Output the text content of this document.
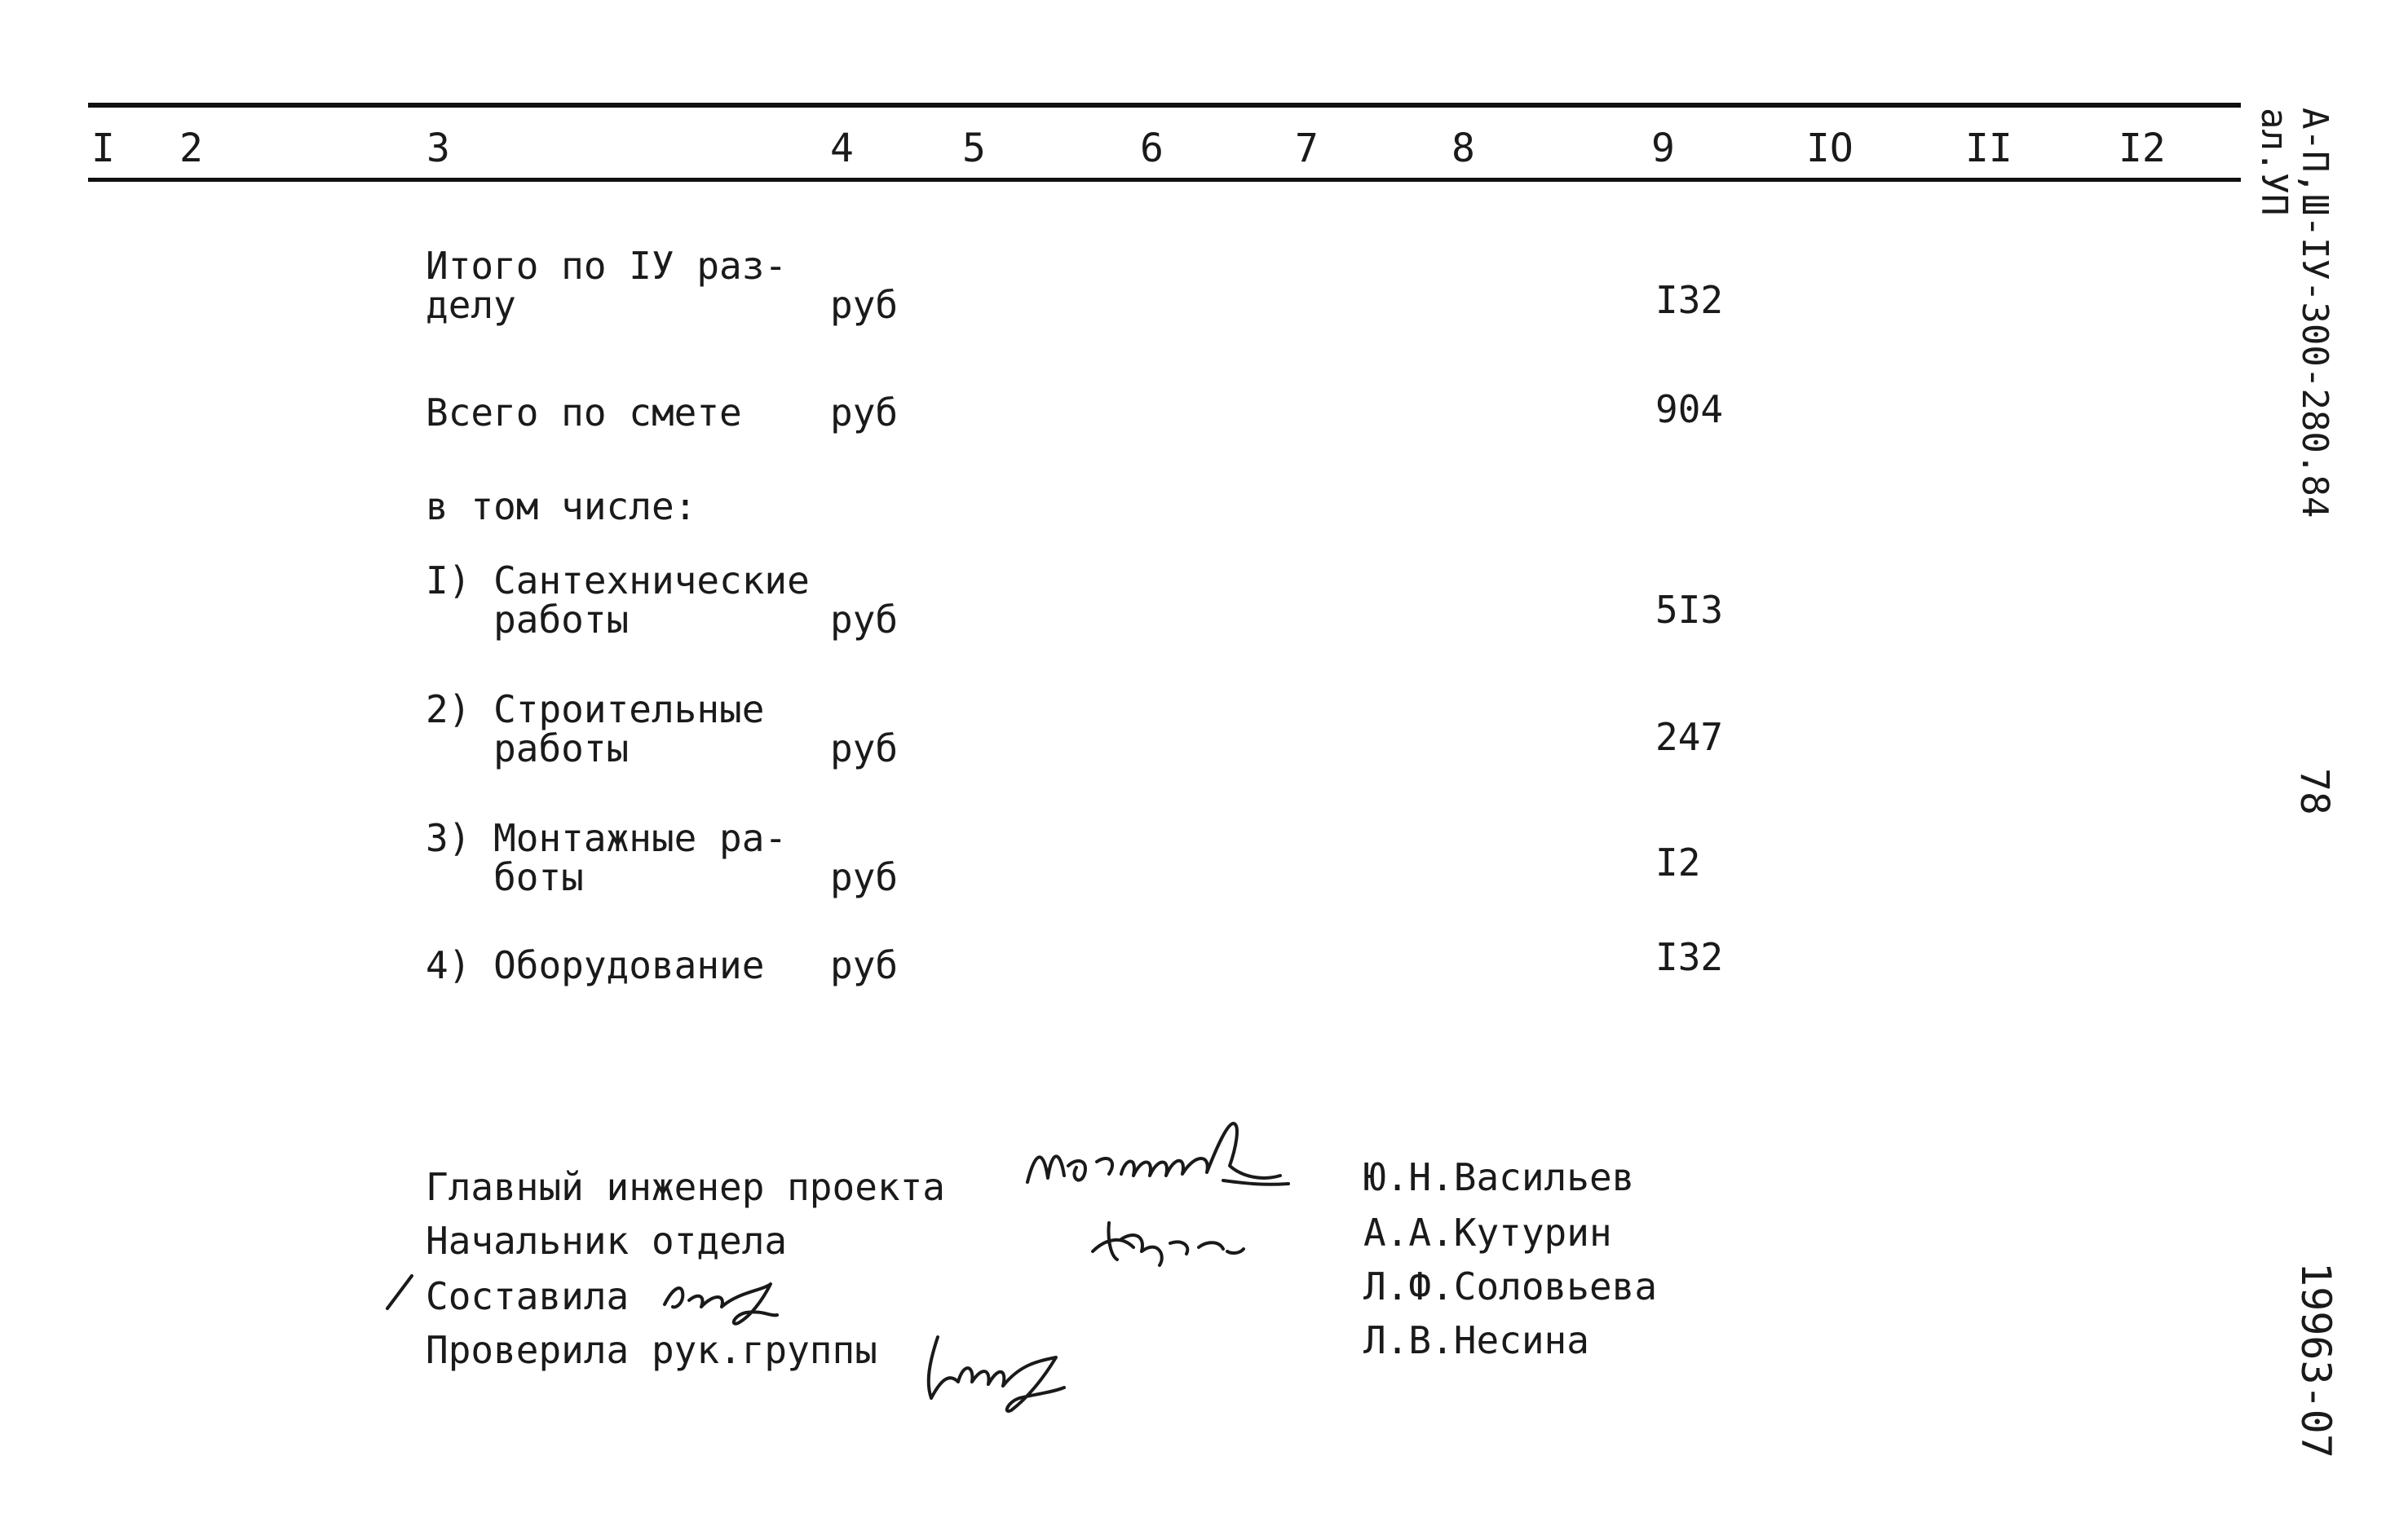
I 2	3	4	5	6	7	8	9	IO	II	I2
Итого по IУ раз-
делу	руб	I32
Всего по смете руб	904
в том числе:
I) Сантехнические
работы	руб	5I3
2) Строительные
работы	руб	247
3) Монтажные ра-
боты	руб	I2
4) Оборудование руб	I32
Главный инженер проекта	Ю.Н.Васильев
Начальник отдела	А.А.Кутурин
Составила	Л.Ф.Соловьева
Проверила рук.группы	Л.В.Несина
А-П,Ш-IУ-300-280.84
ал.УП
78
19963-07
